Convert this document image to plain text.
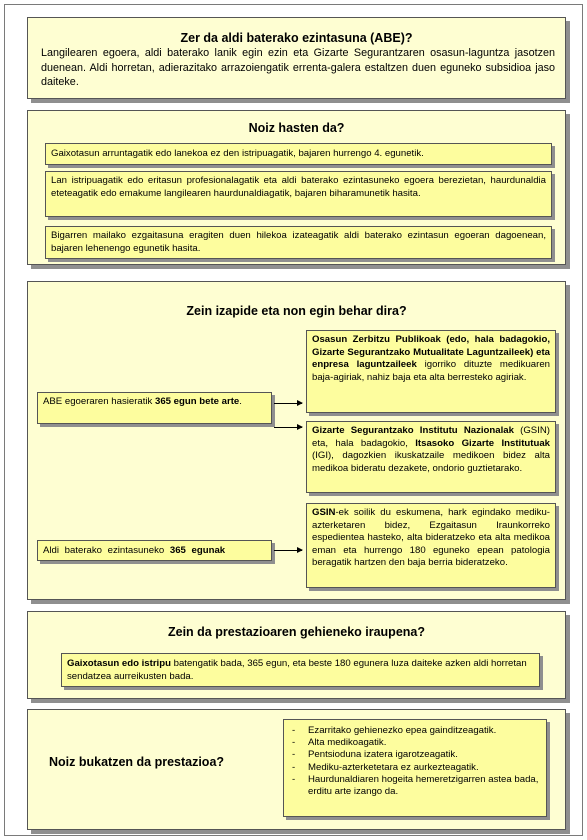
Zer da aldi baterako ezintasuna (ABE)?

Langilearen egoera, aldi baterako lanik egin ezin eta Gizarte Segurantzaren osasun-laguntza jasotzen duenean. Aldi horretan, adierazitako arrazoiengatik errenta-galera estaltzen duen eguneko subsidioa jaso daiteke.

Noiz hasten da?
Gaixotasun arruntagatik edo lanekoa ez den istripuagatik, bajaren hurrengo 4. egunetik.
Lan istripuagatik edo eritasun profesionalagatik eta aldi baterako ezintasuneko egoera berezietan, haurdunaldia eteteagatik edo emakume langilearen haurdunaldiagatik, bajaren biharamunetik hasita.
Bigarren mailako ezgaitasuna eragiten duen hilekoa izateagatik aldi baterako ezintasun egoeran dagoenean, bajaren lehenengo egunetik hasita.
Zein izapide eta non egin behar dira?
ABE egoeraren hasieratik 365 egun bete arte.
Aldi baterako ezintasuneko 365 egunak
Osasun Zerbitzu Publikoak (edo, hala badagokio, Gizarte Segurantzako Mutualitate Laguntzaileek) eta enpresa laguntzaileek igorriko dituzte medikuaren baja-agiriak, nahiz baja eta alta berresteko agiriak.
Gizarte Segurantzako Institutu Nazionalak (GSIN) eta, hala badagokio, Itsasoko Gizarte Institutuak (IGI), dagozkien ikuskatzaile medikoen bidez alta medikoa bideratu dezakete, ondorio guztietarako.
GSIN-ek soilik du eskumena, hark egindako mediku-azterketaren bidez, Ezgaitasun Iraunkorreko espedientea hasteko, alta bideratzeko eta alta medikoa eman eta hurrengo 180 eguneko epean patologia beragatik hartzen den baja berria bideratzeko.
Zein da prestazioaren gehieneko iraupena?
Gaixotasun edo istripu batengatik bada, 365 egun, eta beste 180 egunera luza daiteke azken aldi horretan sendatzea aurreikusten bada.
Noiz bukatzen da prestazioa?
- Ezarritako gehienezko epea gainditzeagatik.
- Alta medikoagatik.
- Pentsioduna izatera igarotzeagatik.
- Mediku-azterketetara ez aurkezteagatik.
- Haurdunaldiaren hogeita hemeretzigarren astea bada,
erditu arte izango da.
